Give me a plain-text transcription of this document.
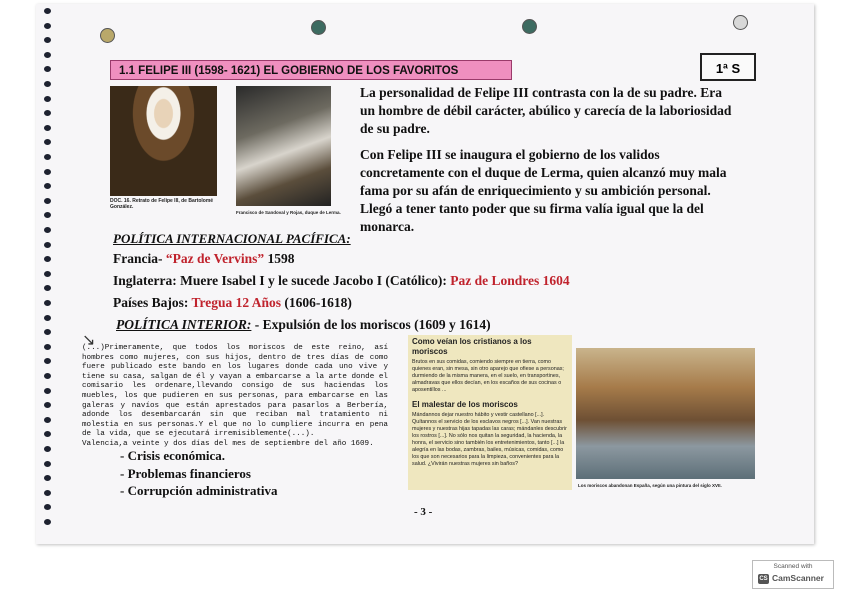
1.1 FELIPE III (1598- 1621) EL GOBIERNO DE LOS FAVORITOS	1ª S
DOC. 16. Retrato de Felipe III, de Bartolomé González.
Francisco de Sandoval y Rojas, duque de Lerma.
La personalidad de Felipe III contrasta con la de su padre. Era un hombre de débil carácter, abúlico y carecía de la laboriosidad de su padre.
Con Felipe III se inaugura el gobierno de los validos concretamente con el duque de Lerma, quien alcanzó muy mala fama por su afán de enriquecimiento y su ambición personal. Llegó a tener tanto poder que su firma valía igual que la del monarca.
POLÍTICA INTERNACIONAL PACÍFICA:
Francia- “Paz de Vervins” 1598
Inglaterra: Muere Isabel I y le sucede Jacobo I (Católico): Paz de Londres 1604
Países Bajos: Tregua 12 Años (1606-1618)
POLÍTICA INTERIOR: - Expulsión de los moriscos (1609 y 1614)
↘
(...)Primeramente, que todos los moriscos de este reino, así hombres como mujeres, con sus hijos, dentro de tres días de como fuere publicado este bando en los lugares donde cada uno vive y tiene su casa, salgan de él y vayan a embarcarse a la arte donde el comisario les ordenare,llevando consigo de sus haciendas los muebles, los que pudieren en sus personas, para embarcarse en las galeras y navíos que están aprestados para pasarlos a Berbería, adonde los desembarcarán sin que reciban mal tratamiento ni molestia en sus personas.Y el que no lo cumpliere incurra en pena de la vida, que se ejecutará irremisiblemente(...).
Valencia,a veinte y dos días del mes de septiembre del año 1609.
- Crisis económica.
- Problemas financieros
- Corrupción administrativa
Como veían los cristianos a los moriscos

Brutos en sus comidas, comiendo siempre en tierra, como quienes eran, sin mesa, sin otro aparejo que ofiese a personas; durmiendo de la misma manera, en el suelo, en transportines, almadravas que ellos decían, en los escaños de sus cocinas o aposentillos ...

El malestar de los moriscos

Mándannos dejar nuestro hábito y vestir castellano [...]. Quítannos el servicio de los esclavos negros [...]. Van nuestras mujeres y nuestras hijas tapadas las caras; mándanles descubrir los rostros [...]. No sólo nos quitan la seguridad, la hacienda, la honra, el servicio sino también los entretenimientos, tanto [...] la alegría en las bodas, zambras, bailes, músicas, comidas, como los que son necesarios para la limpieza, convenientes para la salud. ¿Vivirán nuestras mujeres sin baños?

Los moriscos abandonan España, según una pintura del siglo XVII.
- 3 -
Scanned with
CS CamScanner
